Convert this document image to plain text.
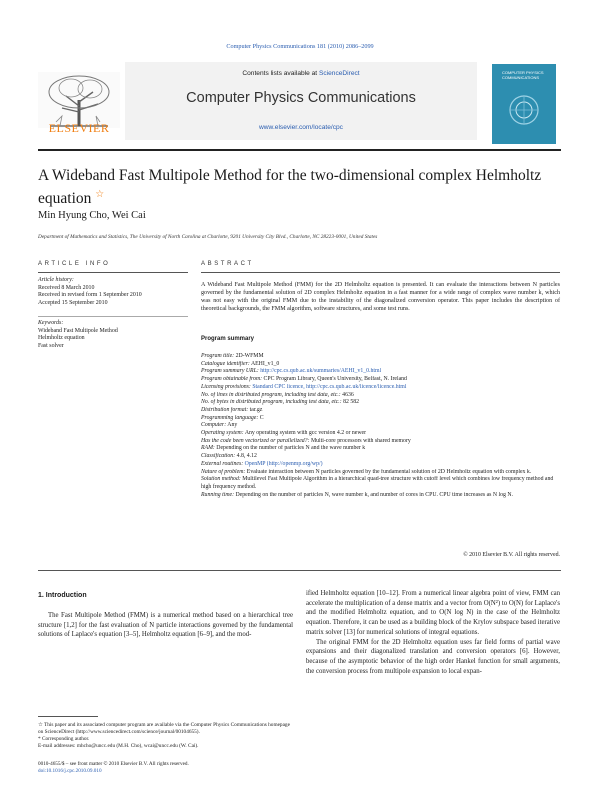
Computer Physics Communications 181 (2010) 2086–2099
Contents lists available at ScienceDirect
Computer Physics Communications
www.elsevier.com/locate/cpc
ELSEVIER
COMPUTER PHYSICS COMMUNICATIONS
A Wideband Fast Multipole Method for the two-dimensional complex Helmholtz equation ☆
Min Hyung Cho, Wei Cai
Department of Mathematics and Statistics, The University of North Carolina at Charlotte, 9201 University City Blvd., Charlotte, NC 28223-0001, United States
ARTICLE INFO
Article history:
Received 8 March 2010
Received in revised form 1 September 2010
Accepted 15 September 2010
Keywords:
Wideband Fast Multipole Method
Helmholtz equation
Fast solver
ABSTRACT
A Wideband Fast Multipole Method (FMM) for the 2D Helmholtz equation is presented. It can evaluate the interactions between N particles governed by the fundamental solution of 2D complex Helmholtz equation in a fast manner for a wide range of complex wave number k, which was not easy with the original FMM due to the instability of the diagonalized conversion operator. This paper includes the description of theoretical backgrounds, the FMM algorithm, software structures, and some test runs.
Program summary
Program title: 2D-WFMM
Catalogue identifier: AEHI_v1_0
Program summary URL: http://cpc.cs.qub.ac.uk/summaries/AEHI_v1_0.html
Program obtainable from: CPC Program Library, Queen's University, Belfast, N. Ireland
Licensing provisions: Standard CPC licence, http://cpc.cs.qub.ac.uk/licence/licence.html
No. of lines in distributed program, including test data, etc.: 4636
No. of bytes in distributed program, including test data, etc.: 82 582
Distribution format: tar.gz
Programming language: C
Computer: Any
Operating system: Any operating system with gcc version 4.2 or newer
Has the code been vectorized or parallelized?: Multi-core processors with shared memory
RAM: Depending on the number of particles N and the wave number k
Classification: 4.8, 4.12
External routines: OpenMP (http://openmp.org/wp/)
Nature of problem: Evaluate interaction between N particles governed by the fundamental solution of 2D Helmholtz equation with complex k.
Solution method: Multilevel Fast Multipole Algorithm in a hierarchical quad-tree structure with cutoff level which combines low frequency method and high frequency method.
Running time: Depending on the number of particles N, wave number k, and number of cores in CPU. CPU time increases as N log N.
© 2010 Elsevier B.V. All rights reserved.
1. Introduction

The Fast Multipole Method (FMM) is a numerical method based on a hierarchical tree structure [1,2] for the fast evaluation of N particle interactions governed by the fundamental solutions of Laplace's equation [3–5], Helmholtz equation [6–9], and the mod-

ified Helmholtz equation [10–12]. From a numerical linear algebra point of view, FMM can accelerate the multiplication of a dense matrix and a vector from O(N²) to O(N) for Laplace's and the modified Helmholtz equation, and to O(N log N) in the case of the Helmholtz equation. Therefore, it can be used as a building block of the Krylov subspace based iterative matrix solver [13] for numerical solutions of integral equations.

The original FMM for the 2D Helmholtz equation uses far field forms of partial wave expansions and their diagonalized translation and conversion operators [6]. However, because of the asymptotic behavior of the high order Hankel function for small arguments, the conversion process from multipole expansion to local expan-

☆ This paper and its associated computer program are available via the Computer Physics Communications homepage on ScienceDirect (http://www.sciencedirect.com/science/journal/00104655).
* Corresponding author.
E-mail addresses: mhcho@uncc.edu (M.H. Cho), wcai@uncc.edu (W. Cai).
0010-4655/$ – see front matter © 2010 Elsevier B.V. All rights reserved.
doi:10.1016/j.cpc.2010.09.010
